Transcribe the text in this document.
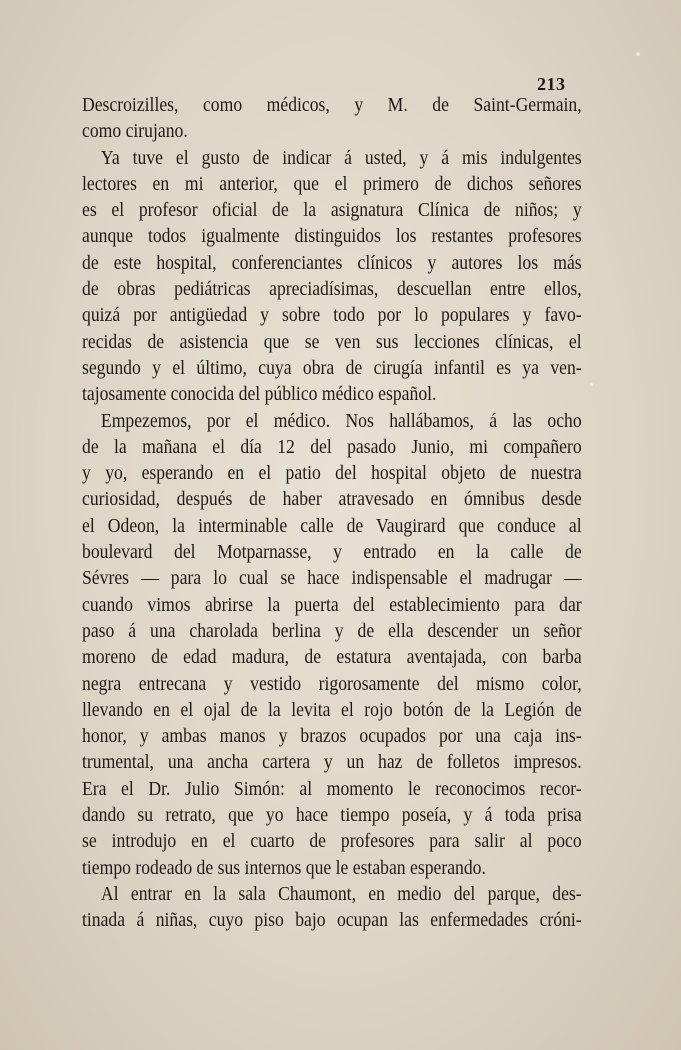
213
Descroizilles, como médicos, y M. de Saint-Germain,
como cirujano.
Ya tuve el gusto de indicar á usted, y á mis indulgentes
lectores en mi anterior, que el primero de dichos señores
es el profesor oficial de la asignatura Clínica de niños; y
aunque todos igualmente distinguidos los restantes profesores
de este hospital, conferenciantes clínicos y autores los más
de obras pediátricas apreciadísimas, descuellan entre ellos,
quizá por antigüedad y sobre todo por lo populares y favo-
recidas de asistencia que se ven sus lecciones clínicas, el
segundo y el último, cuya obra de cirugía infantil es ya ven-
tajosamente conocida del público médico español.
Empezemos, por el médico. Nos hallábamos, á las ocho
de la mañana el día 12 del pasado Junio, mi compañero
y yo, esperando en el patio del hospital objeto de nuestra
curiosidad, después de haber atravesado en ómnibus desde
el Odeon, la interminable calle de Vaugirard que conduce al
boulevard del Motparnasse, y entrado en la calle de
Sévres — para lo cual se hace indispensable el madrugar —
cuando vimos abrirse la puerta del establecimiento para dar
paso á una charolada berlina y de ella descender un señor
moreno de edad madura, de estatura aventajada, con barba
negra entrecana y vestido rigorosamente del mismo color,
llevando en el ojal de la levita el rojo botón de la Legión de
honor, y ambas manos y brazos ocupados por una caja ins-
trumental, una ancha cartera y un haz de folletos impresos.
Era el Dr. Julio Simón: al momento le reconocimos recor-
dando su retrato, que yo hace tiempo poseía, y á toda prisa
se introdujo en el cuarto de profesores para salir al poco
tiempo rodeado de sus internos que le estaban esperando.
Al entrar en la sala Chaumont, en medio del parque, des-
tinada á niñas, cuyo piso bajo ocupan las enfermedades cróni-
